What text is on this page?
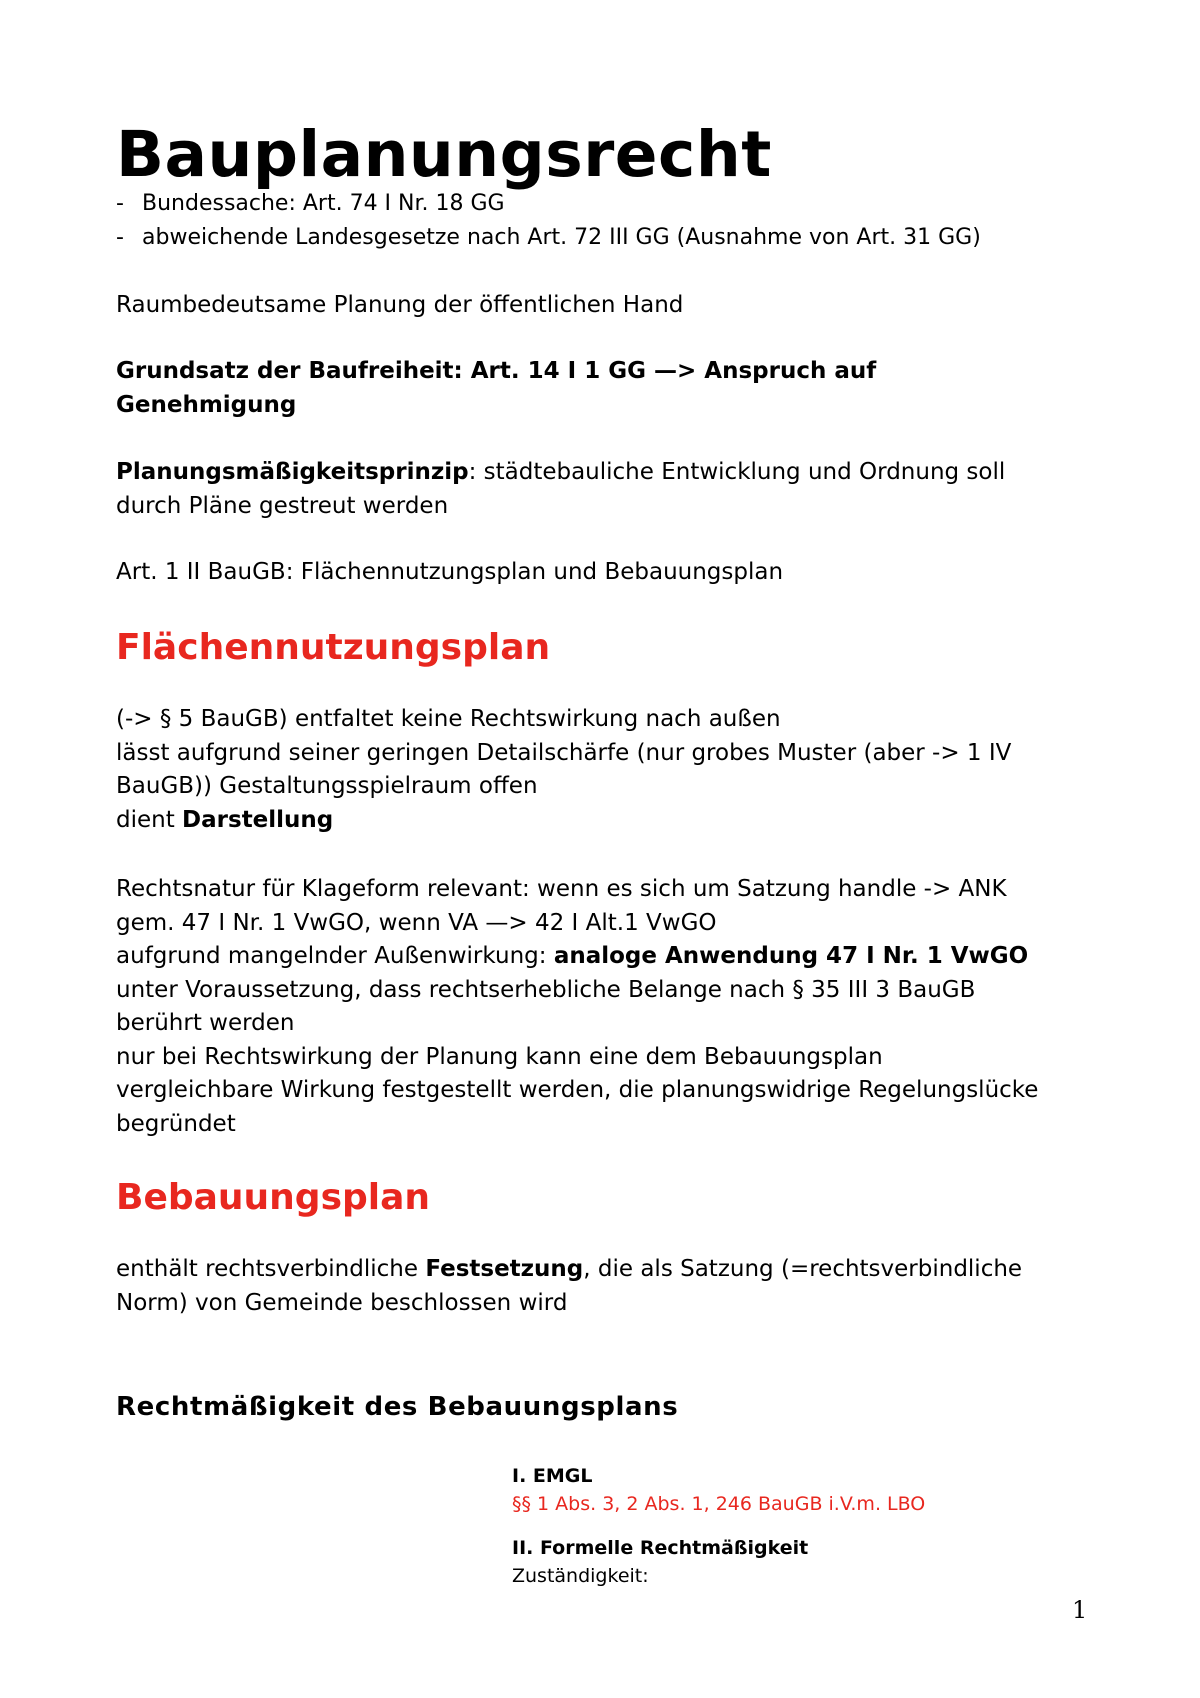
Bauplanungsrecht
- Bundessache: Art. 74 I Nr. 18 GG
- abweichende Landesgesetze nach Art. 72 III GG (Ausnahme von Art. 31 GG)

Raumbedeutsame Planung der öffentlichen Hand

Grundsatz der Baufreiheit: Art. 14 I 1 GG —> Anspruch auf
Genehmigung
Planungsmäßigkeitsprinzip: städtebauliche Entwicklung und Ordnung soll
durch Pläne gestreut werden

Art. 1 II BauGB: Flächennutzungsplan und Bebauungsplan

Flächennutzungsplan
(-> § 5 BauGB) entfaltet keine Rechtswirkung nach außen
lässt aufgrund seiner geringen Detailschärfe (nur grobes Muster (aber -> 1 IV
BauGB)) Gestaltungsspielraum offen
dient Darstellung
Rechtsnatur für Klageform relevant: wenn es sich um Satzung handle -> ANK
gem. 47 I Nr. 1 VwGO, wenn VA —> 42 I Alt.1 VwGO
aufgrund mangelnder Außenwirkung: analoge Anwendung 47 I Nr. 1 VwGO
unter Voraussetzung, dass rechtserhebliche Belange nach § 35 III 3 BauGB
berührt werden
nur bei Rechtswirkung der Planung kann eine dem Bebauungsplan
vergleichbare Wirkung festgestellt werden, die planungswidrige Regelungslücke
begründet
Bebauungsplan
enthält rechtsverbindliche Festsetzung, die als Satzung (=rechtsverbindliche
Norm) von Gemeinde beschlossen wird
Rechtmäßigkeit des Bebauungsplans
I. EMGL
§§ 1 Abs. 3, 2 Abs. 1, 246 BauGB i.V.m. LBO
II. Formelle Rechtmäßigkeit
Zuständigkeit:
1
